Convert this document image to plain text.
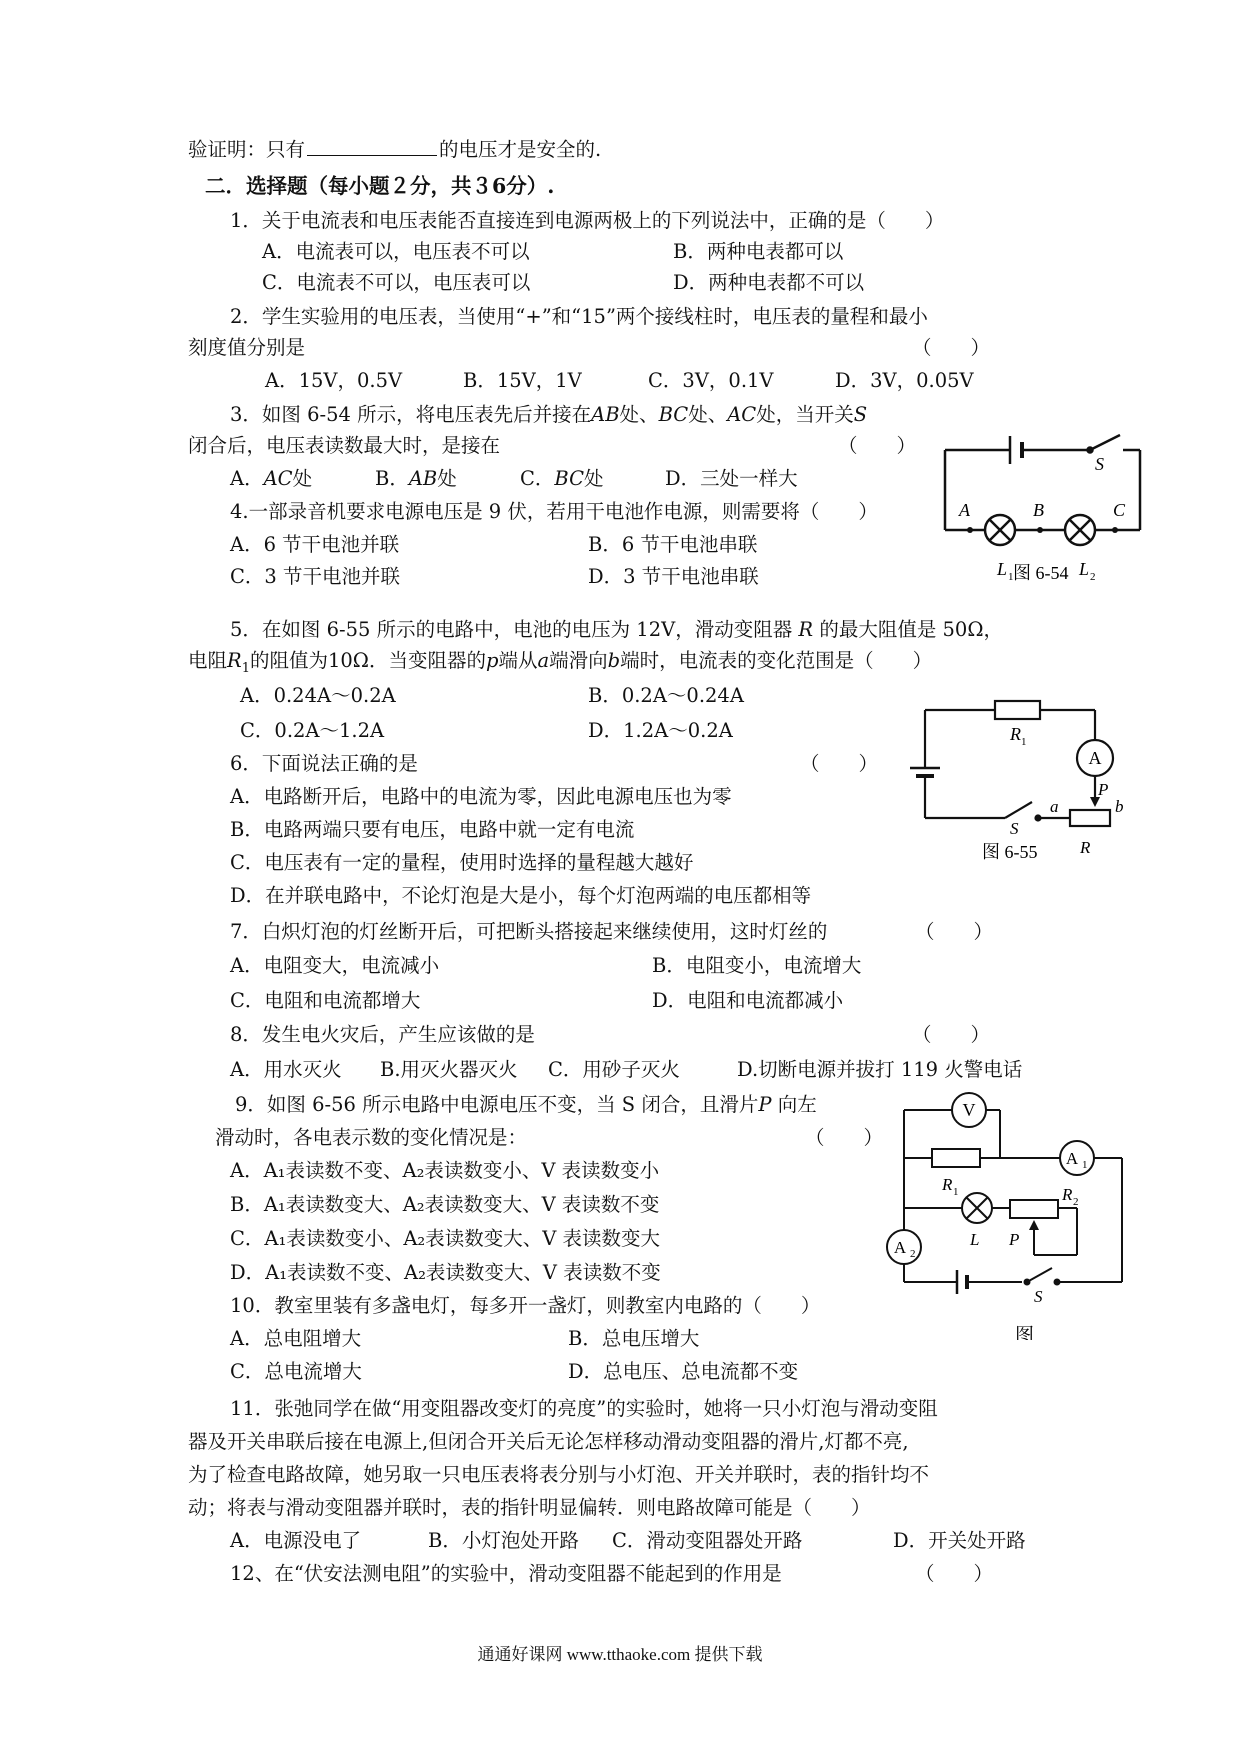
验证明：只有	的电压才是安全的.
二．选择题（每小题２分，共３6分）.
1．关于电流表和电压表能否直接连到电源两极上的下列说法中，正确的是（　　）
A．电流表可以，电压表不可以	B．两种电表都可以
C．电流表不可以，电压表可以	D．两种电表都不可以
2．学生实验用的电压表，当使用“+”和“15”两个接线柱时，电压表的量程和最小
刻度值分别是	（　　）
A．15V，0.5V	B．15V，1V	C．3V，0.1V	D．3V，0.05V
3．如图 6-54 所示，将电压表先后并接在AB处、BC处、AC处，当开关S
闭合后，电压表读数最大时，是接在	（　　）
A．AC处	B．AB处	C．BC处	D．三处一样大
4.一部录音机要求电源电压是 9 伏，若用干电池作电源，则需要将（　　）
A．6 节干电池并联	B．6 节干电池串联
C．3 节干电池并联	D．3 节干电池串联
5．在如图 6-55 所示的电路中，电池的电压为 12V，滑动变阻器 R 的最大阻值是 50Ω，
电阻$R_1$的阻值为10Ω．当变阻器的p端从a端滑向b端时，电流表的变化范围是（　　）
A．0.24A～0.2A	B．0.2A～0.24A
C．0.2A～1.2A	D．1.2A～0.2A
6．下面说法正确的是	（　　）
A．电路断开后，电路中的电流为零，因此电源电压也为零
B．电路两端只要有电压，电路中就一定有电流
C．电压表有一定的量程，使用时选择的量程越大越好
D．在并联电路中，不论灯泡是大是小，每个灯泡两端的电压都相等
7．白炽灯泡的灯丝断开后，可把断头搭接起来继续使用，这时灯丝的	（　　）
A．电阻变大，电流减小	B．电阻变小，电流增大
C．电阻和电流都增大	D．电阻和电流都减小
8．发生电火灾后，产生应该做的是	（　　）
A．用水灭火 B.用灭火器灭火 C．用砂子灭火	D.切断电源并拔打 119 火警电话
9．如图 6-56 所示电路中电源电压不变，当 S 闭合，且滑片P 向左
滑动时，各电表示数的变化情况是：	（　　）
A．A₁表读数不变、A₂表读数变小、V 表读数变小
B．A₁表读数变大、A₂表读数变大、V 表读数不变
C．A₁表读数变小、A₂表读数变大、V 表读数变大
D．A₁表读数不变、A₂表读数变大、V 表读数不变
10．教室里装有多盏电灯，每多开一盏灯，则教室内电路的（　　）
A．总电阻增大	B．总电压增大
C．总电流增大	D．总电压、总电流都不变
11．张弛同学在做“用变阻器改变灯的亮度”的实验时，她将一只小灯泡与滑动变阻
器及开关串联后接在电源上,但闭合开关后无论怎样移动滑动变阻器的滑片,灯都不亮,
为了检查电路故障，她另取一只电压表将表分别与小灯泡、开关并联时，表的指针均不
动；将表与滑动变阻器并联时，表的指针明显偏转．则电路故障可能是（　　）
A．电源没电了	B．小灯泡处开路 C．滑动变阻器处开路	D．开关处开路
12、在“伏安法测电阻”的实验中，滑动变阻器不能起到的作用是	（　　）
S
A	B	C
L 1 图 6-54 L 2
R 1
A
P
a	b
S
R
图 6-55
V
R 1
A 1
R 2
A 2
L P
S
图
通通好课网 www.tthaoke.com 提供下载
